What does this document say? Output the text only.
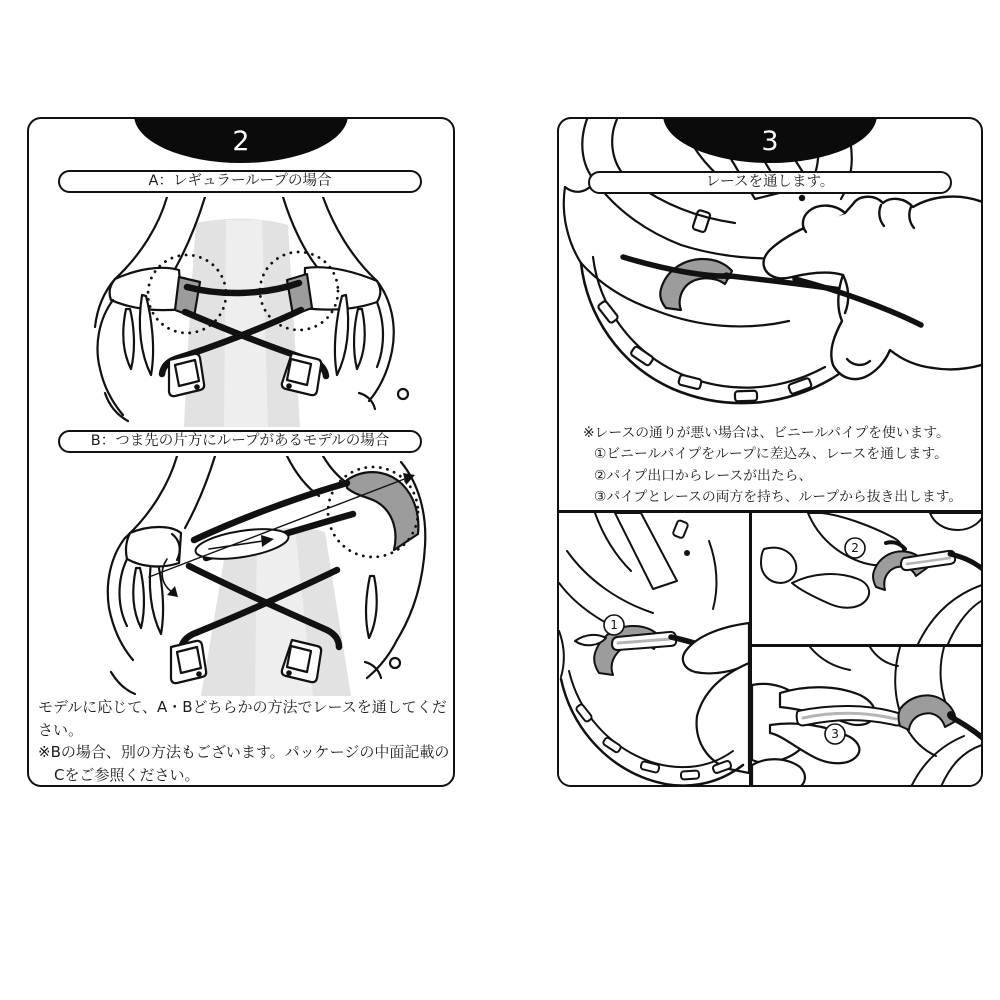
2
A：レギュラーループの場合
B：つま先の片方にループがあるモデルの場合
モデルに応じて、A・Bどちらかの方法でレースを通してください。
※Bの場合、別の方法もございます。パッケージの中面記載の
Cをご参照ください。
3
レースを通します。
※レースの通りが悪い場合は、ビニールパイプを使います。
①ビニールパイプをループに差込み、レースを通します。
②パイプ出口からレースが出たら、
③パイプとレースの両方を持ち、ループから抜き出します。
1
2
3
